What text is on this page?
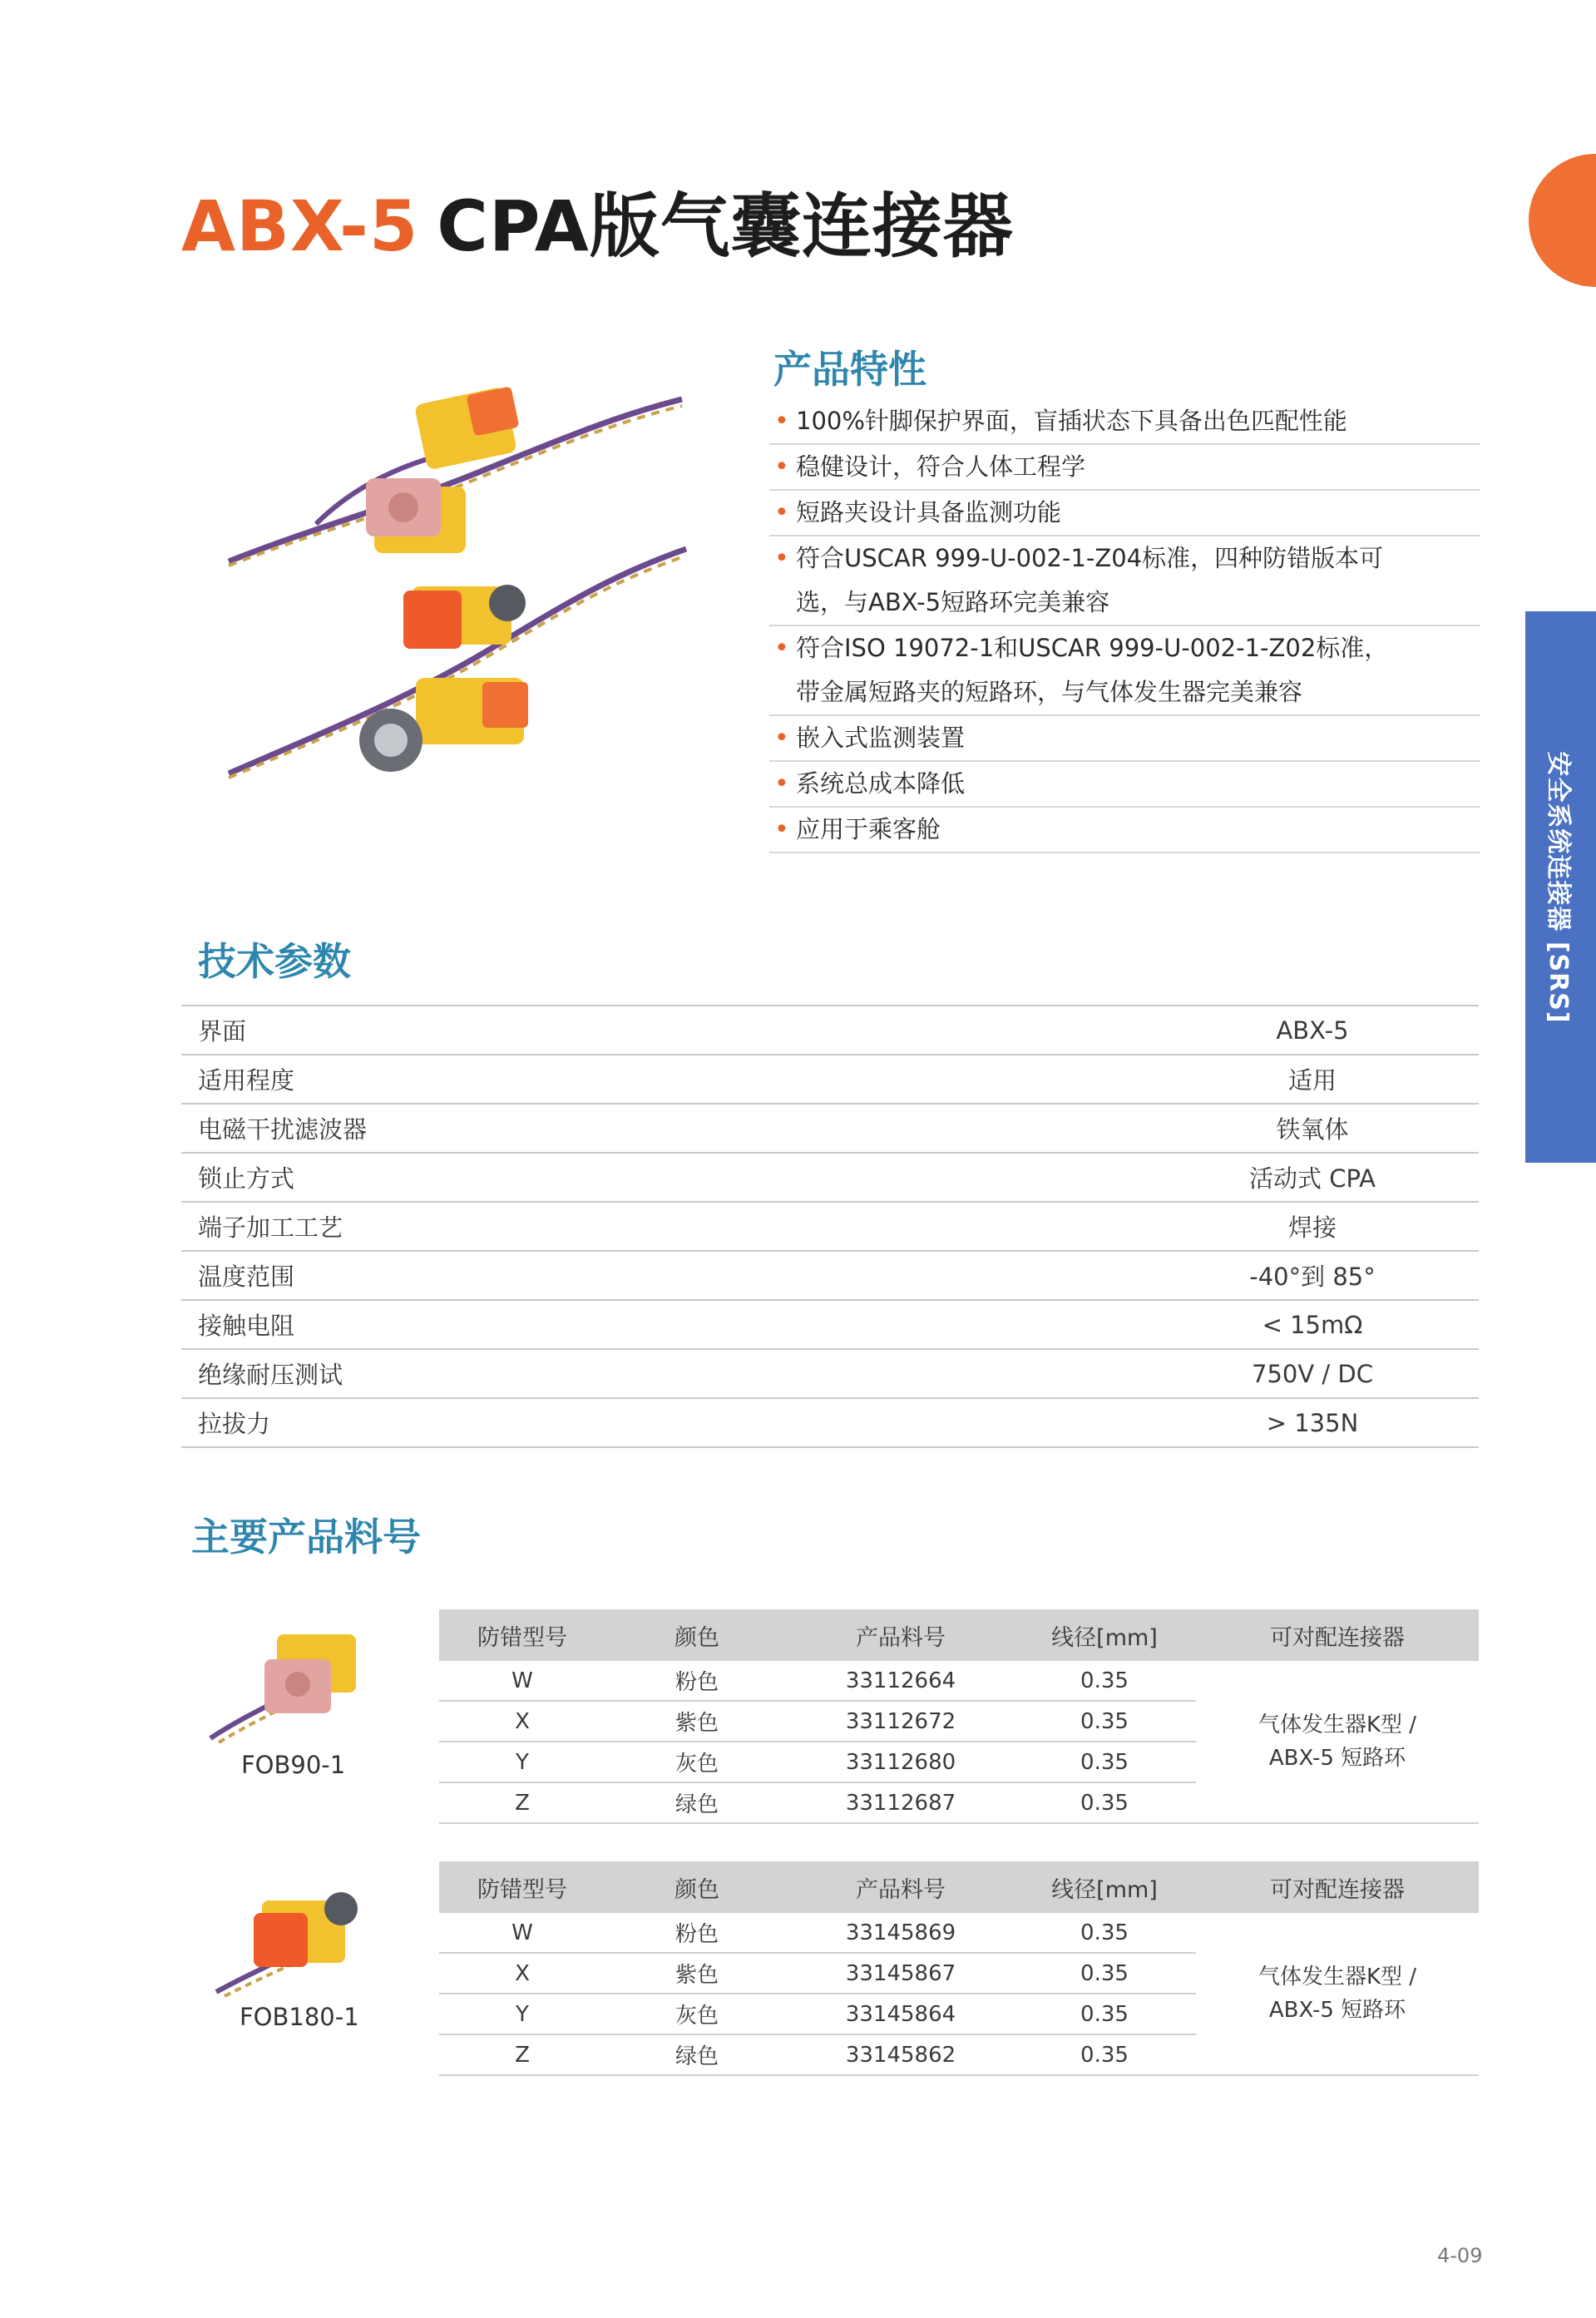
ABX-5 CPA版气囊连接器
安全系统连接器 [SRS]
产品特性
• 100%针脚保护界面，盲插状态下具备出色匹配性能
• 稳健设计，符合人体工程学
• 短路夹设计具备监测功能
• 符合USCAR 999-U-002-1-Z04标准，四种防错版本可
选，与ABX-5短路环完美兼容
• 符合ISO 19072-1和USCAR 999-U-002-1-Z02标准，
带金属短路夹的短路环，与气体发生器完美兼容
• 嵌入式监测装置
• 系统总成本降低
• 应用于乘客舱
技术参数
界面	ABX-5
适用程度	适用
电磁干扰滤波器	铁氧体
锁止方式	活动式 CPA
端子加工工艺	焊接
温度范围	-40°到 85°
接触电阻	< 15mΩ
绝缘耐压测试	750V / DC
拉拔力	> 135N
主要产品料号
FOB90-1
防错型号	颜色	产品料号	线径[mm]	可对配连接器
W	粉色	33112664	0.35	气体发生器K型 /
ABX-5 短路环
X	紫色	33112672	0.35	
Y	灰色	33112680	0.35	
Z	绿色	33112687	0.35	
FOB180-1
防错型号	颜色	产品料号	线径[mm]	可对配连接器
W	粉色	33145869	0.35	气体发生器K型 /
ABX-5 短路环
X	紫色	33145867	0.35	
Y	灰色	33145864	0.35	
Z	绿色	33145862	0.35	
4-09
